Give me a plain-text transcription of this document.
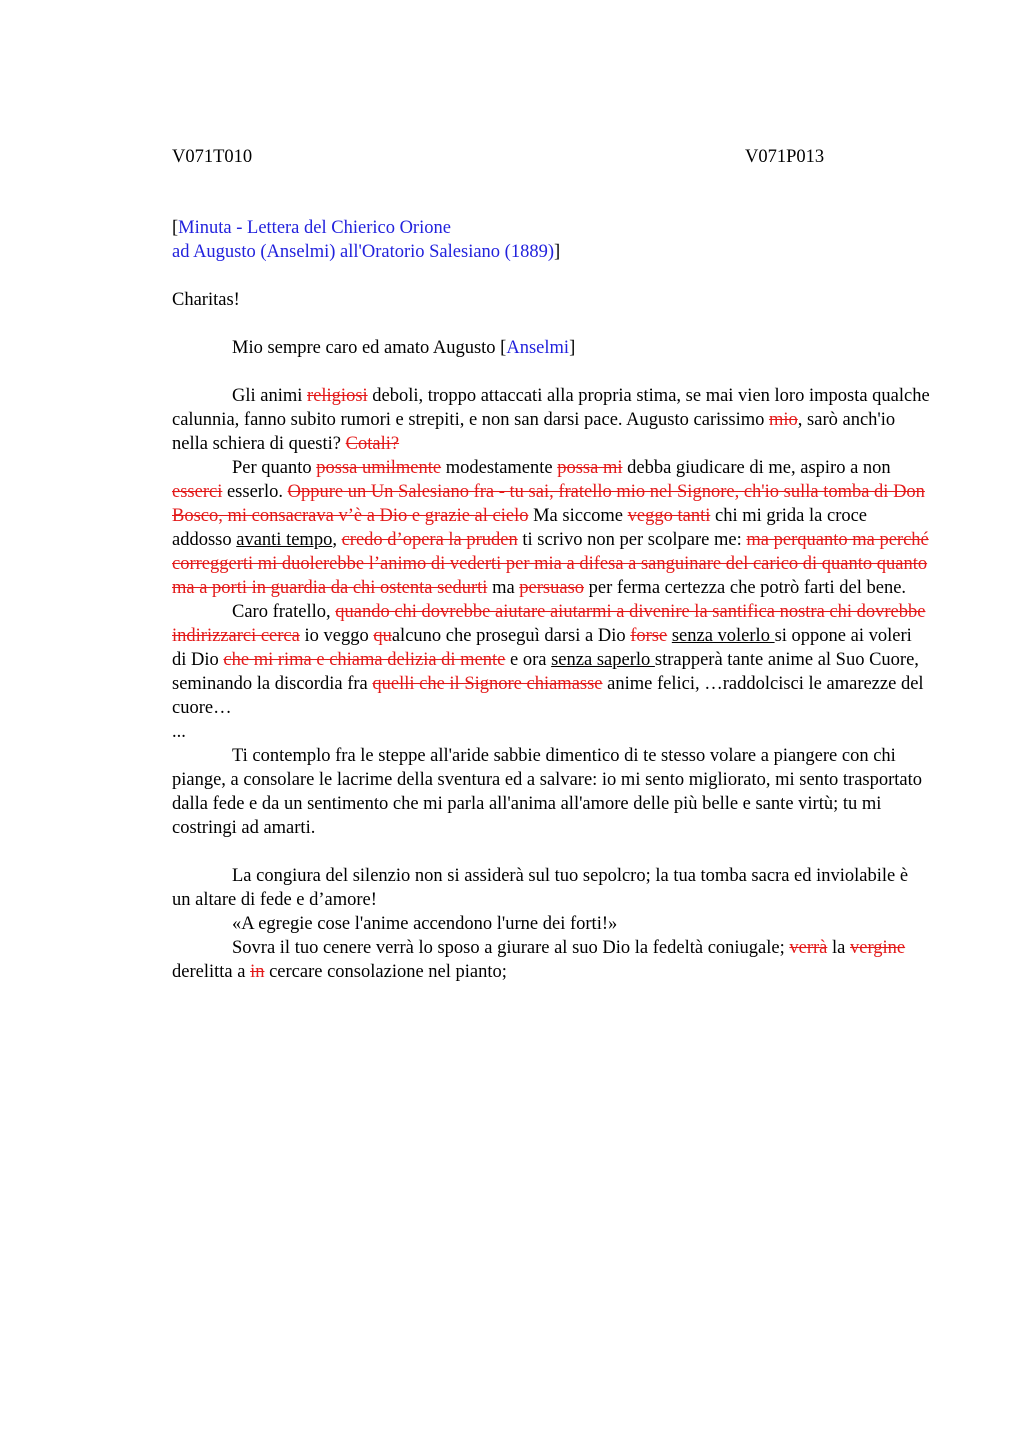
V071T010	V071P013

[Minuta - Lettera del Chierico Orione
ad Augusto (Anselmi) all'Oratorio Salesiano (1889)]

Charitas!

Mio sempre caro ed amato Augusto [Anselmi]

Gli animi religiosi deboli, troppo attaccati alla propria stima, se mai vien loro imposta qualche calunnia, fanno subito rumori e strepiti, e non san darsi pace. Augusto carissimo mio, sarò anch'io nella schiera di questi? Cotali?

Per quanto possa umilmente modestamente possa mi debba giudicare di me, aspiro a non esserci esserlo. Oppure un Un Salesiano fra - tu sai, fratello mio nel Signore, ch'io sulla tomba di Don Bosco, mi consacrava v’è a Dio e grazie al cielo Ma siccome veggo tanti chi mi grida la croce addosso avanti tempo, credo d’opera la pruden ti scrivo non per scolpare me: ma perquanto ma perché correggerti mi duolerebbe l’animo di vederti per mia a difesa a sanguinare del carico di quanto quanto ma a porti in guardia da chi ostenta sedurti ma persuaso per ferma certezza che potrò farti del bene.

Caro fratello, quando chi dovrebbe aiutare aiutarmi a divenire la santifica nostra chi dovrebbe indirizzarci cerca io veggo qualcuno che proseguì darsi a Dio forse senza volerlo si oppone ai voleri di Dio che mi rima e chiama delizia di mente e ora senza saperlo strapperà tante anime al Suo Cuore, seminando la discordia fra quelli che il Signore chiamasse anime felici, …raddolcisci le amarezze del cuore…

...

Ti contemplo fra le steppe all'aride sabbie dimentico di te stesso volare a piangere con chi piange, a consolare le lacrime della sventura ed a salvare: io mi sento migliorato, mi sento trasportato dalla fede e da un sentimento che mi parla all'anima all'amore delle più belle e sante virtù; tu mi costringi ad amarti.

La congiura del silenzio non si assiderà sul tuo sepolcro; la tua tomba sacra ed inviolabile è un altare di fede e d’amore!

«A egregie cose l'anime accendono l'urne dei forti!»

Sovra il tuo cenere verrà lo sposo a giurare al suo Dio la fedeltà coniugale; verrà la vergine derelitta a in cercare consolazione nel pianto;
